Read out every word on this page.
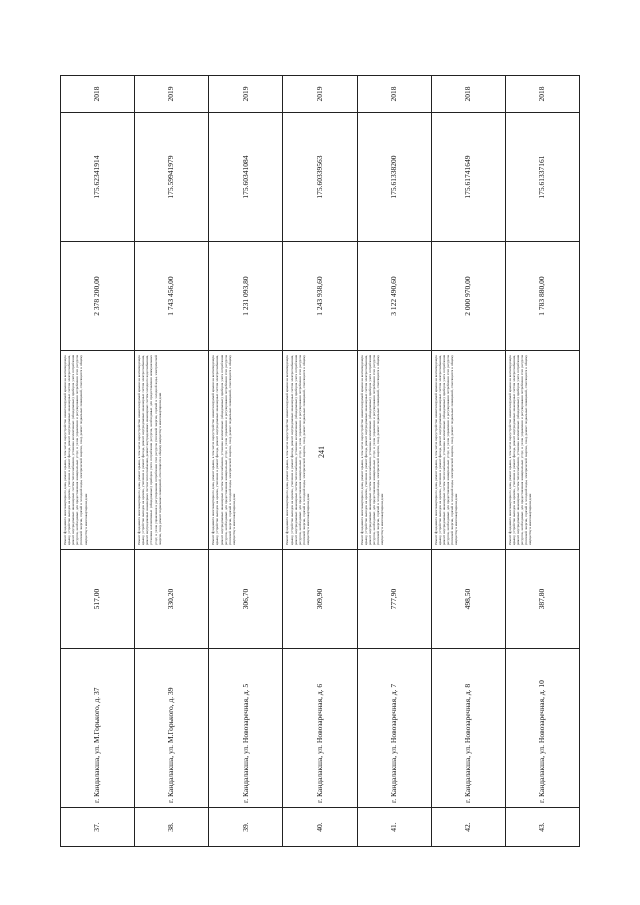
241
37.	г. Кандалакша, ул. М.Горького, д. 37	517,00	Ремонт фундамента многоквартирного дома, ремонт крыши, в том числе переустройство невентилируемой крыши на вентилируемую крышу, устройство выходов на кровлю, утепление и ремонт фасада, ремонт внутридомовых инженерных систем электроснабжения, ремонт внутридомовых инженерных систем теплоснабжения, установка коллективных (общедомовых) приборов учета потребления ресурсов, необходимых для предоставления коммунальных услуг, и узлов управления и регулирования потребления этих ресурсов (тепловой энергии, горячей и холодной воды, электрической энергии, газа), ремонт подвальных помещений, относящихся к общему имуществу в многоквартирном доме	2 378 200,00	175.62341914	2018
38.	г. Кандалакша, ул. М.Горького, д. 39	330,20	Ремонт фундамента многоквартирного дома, ремонт крыши, в том числе переустройство невентилируемой крыши на вентилируемую крышу, устройство выходов на кровлю, утепление и ремонт фасада, ремонт внутридомовых инженерных систем электроснабжения, ремонт внутридомовых инженерных систем теплоснабжения, ремонт внутридомовых инженерных систем холодного водоснабжения, установка коллективных (общедомовых) приборов учета потребления ресурсов, необходимых для предоставления коммунальных услуг, и узлов управления и регулирования потребления этих ресурсов (тепловой энергии, горячей и холодной воды, электрической энергии, газа), ремонт подвальных помещений, относящихся к общему имуществу в многоквартирном доме	1 743 456,00	175.59941979	2019
39.	г. Кандалакша, ул. Новозаречная, д. 5	306,70	Ремонт фундамента многоквартирного дома, ремонт крыши, в том числе переустройство невентилируемой крыши на вентилируемую крышу, устройство выходов на кровлю, утепление и ремонт фасада, ремонт внутридомовых инженерных систем электроснабжения, ремонт внутридомовых инженерных систем теплоснабжения, установка коллективных (общедомовых) приборов учета потребления ресурсов, необходимых для предоставления коммунальных услуг, и узлов управления и регулирования потребления этих ресурсов (тепловой энергии, горячей и холодной воды, электрической энергии, газа), ремонт подвальных помещений, относящихся к общему имуществу в многоквартирном доме	1 231 093,80	175.60341084	2019
40.	г. Кандалакша, ул. Новозаречная, д. 6	309,90	Ремонт фундамента многоквартирного дома, ремонт крыши, в том числе переустройство невентилируемой крыши на вентилируемую крышу, устройство выходов на кровлю, утепление и ремонт фасада, ремонт внутридомовых инженерных систем электроснабжения, ремонт внутридомовых инженерных систем теплоснабжения, установка коллективных (общедомовых) приборов учета потребления ресурсов, необходимых для предоставления коммунальных услуг, и узлов управления и регулирования потребления этих ресурсов (тепловой энергии, горячей и холодной воды, электрической энергии, газа), ремонт подвальных помещений, относящихся к общему имуществу в многоквартирном доме	1 243 938,60	175.60339563	2019
41.	г. Кандалакша, ул. Новозаречная, д. 7	777,90	Ремонт фундамента многоквартирного дома, ремонт крыши, в том числе переустройство невентилируемой крыши на вентилируемую крышу, устройство выходов на кровлю, утепление и ремонт фасада, ремонт внутридомовых инженерных систем электроснабжения, ремонт внутридомовых инженерных систем теплоснабжения, установка коллективных (общедомовых) приборов учета потребления ресурсов, необходимых для предоставления коммунальных услуг, и узлов управления и регулирования потребления этих ресурсов (тепловой энергии, горячей и холодной воды, электрической энергии, газа), ремонт подвальных помещений, относящихся к общему имуществу в многоквартирном доме	3 122 490,60	175.61338200	2018
42.	г. Кандалакша, ул. Новозаречная, д. 8	498,50	Ремонт фундамента многоквартирного дома, ремонт крыши, в том числе переустройство невентилируемой крыши на вентилируемую крышу, устройство выходов на кровлю, утепление и ремонт фасада, ремонт внутридомовых инженерных систем электроснабжения, ремонт внутридомовых инженерных систем теплоснабжения, установка коллективных (общедомовых) приборов учета потребления ресурсов, необходимых для предоставления коммунальных услуг, и узлов управления и регулирования потребления этих ресурсов (тепловой энергии, горячей и холодной воды, электрической энергии, газа), ремонт подвальных помещений, относящихся к общему имуществу в многоквартирном доме	2 000 970,00	175.61741649	2018
43.	г. Кандалакша, ул. Новозаречная, д. 10	387,80	Ремонт фундамента многоквартирного дома, ремонт крыши, в том числе переустройство невентилируемой крыши на вентилируемую крышу, устройство выходов на кровлю, утепление и ремонт фасада, ремонт внутридомовых инженерных систем электроснабжения, ремонт внутридомовых инженерных систем теплоснабжения, установка коллективных (общедомовых) приборов учета потребления ресурсов, необходимых для предоставления коммунальных услуг, и узлов управления и регулирования потребления этих ресурсов (тепловой энергии, горячей и холодной воды, электрической энергии, газа), ремонт подвальных помещений, относящихся к общему имуществу в многоквартирном доме	1 783 880,00	175.61337161	2018
